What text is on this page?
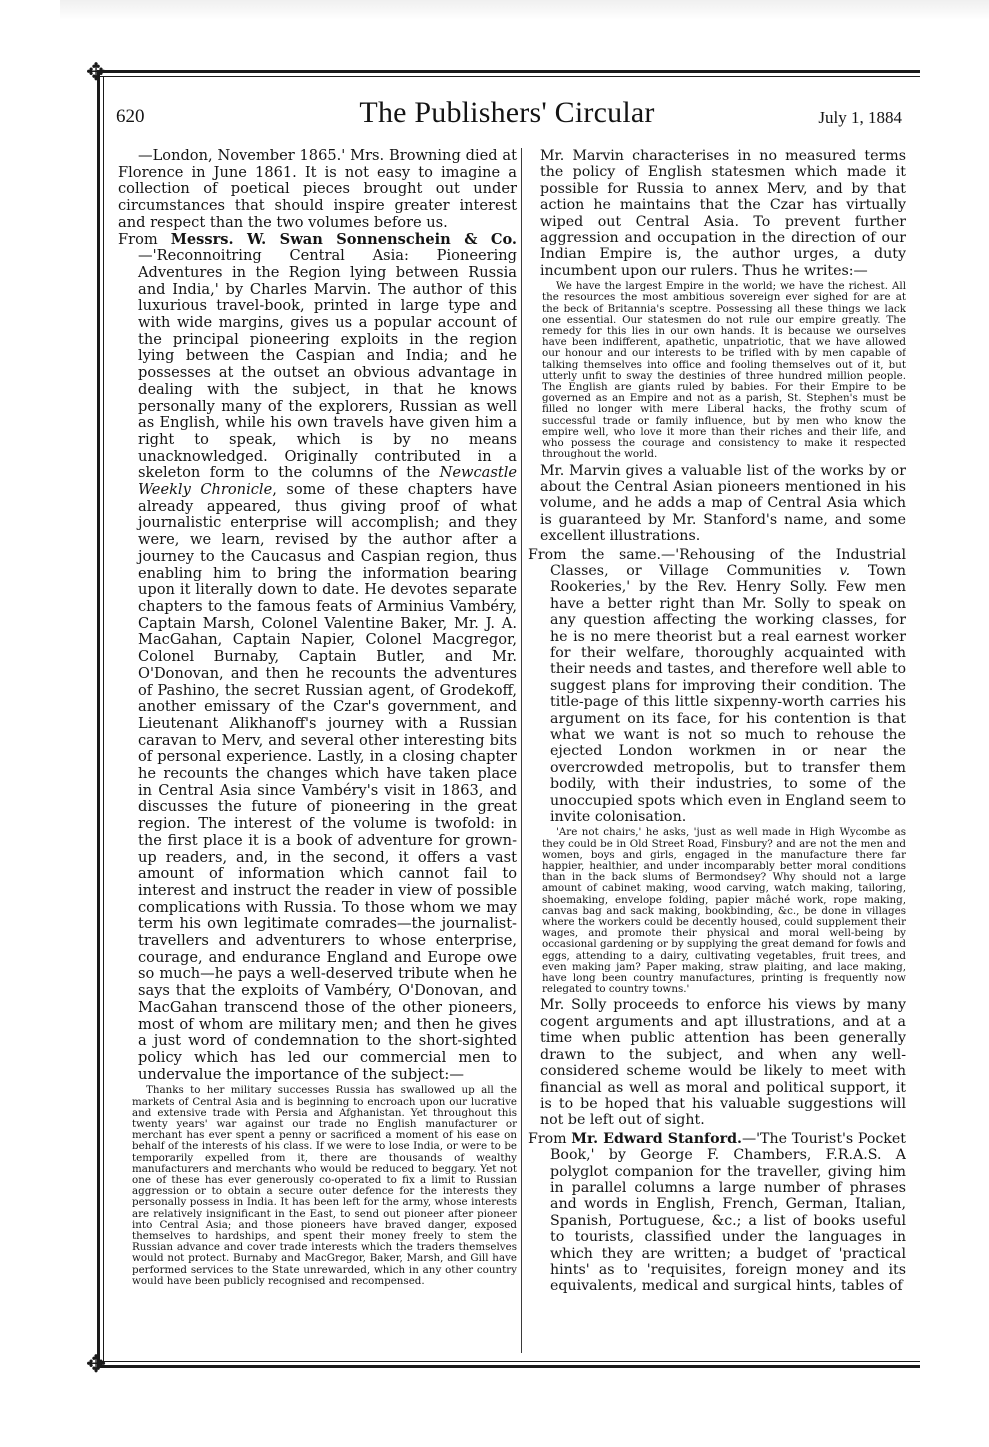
✥
✥
620	The Publishers' Circular	July 1, 1884

—London, November 1865.' Mrs. Browning died at Florence in June 1861. It is not easy to imagine a collection of poetical pieces brought out under circumstances that should inspire greater interest and respect than the two volumes before us.

From Messrs. W. Swan Sonnenschein & Co.—'Reconnoitring Central Asia: Pioneering Adventures in the Region lying between Russia and India,' by Charles Marvin. The author of this luxurious travel-book, printed in large type and with wide margins, gives us a popular account of the principal pioneering exploits in the region lying between the Caspian and India; and he possesses at the outset an obvious advantage in dealing with the subject, in that he knows personally many of the explorers, Russian as well as English, while his own travels have given him a right to speak, which is by no means unacknowledged. Originally contributed in a skeleton form to the columns of the Newcastle Weekly Chronicle, some of these chapters have already appeared, thus giving proof of what journalistic enterprise will accomplish; and they were, we learn, revised by the author after a journey to the Caucasus and Caspian region, thus enabling him to bring the information bearing upon it literally down to date. He devotes separate chapters to the famous feats of Arminius Vambéry, Captain Marsh, Colonel Valentine Baker, Mr. J. A. MacGahan, Captain Napier, Colonel Macgregor, Colonel Burnaby, Captain Butler, and Mr. O'Donovan, and then he recounts the adventures of Pashino, the secret Russian agent, of Grodekoff, another emissary of the Czar's government, and Lieutenant Alikhanoff's journey with a Russian caravan to Merv, and several other interesting bits of personal experience. Lastly, in a closing chapter he recounts the changes which have taken place in Central Asia since Vambéry's visit in 1863, and discusses the future of pioneering in the great region. The interest of the volume is twofold: in the first place it is a book of adventure for grown-up readers, and, in the second, it offers a vast amount of information which cannot fail to interest and instruct the reader in view of possible complications with Russia. To those whom we may term his own legitimate comrades—the journalist-travellers and adventurers to whose enterprise, courage, and endurance England and Europe owe so much—he pays a well-deserved tribute when he says that the exploits of Vambéry, O'Donovan, and MacGahan transcend those of the other pioneers, most of whom are military men; and then he gives a just word of condemnation to the short-sighted policy which has led our commercial men to undervalue the importance of the subject:—

Thanks to her military successes Russia has swallowed up all the markets of Central Asia and is beginning to encroach upon our lucrative and extensive trade with Persia and Afghanistan. Yet throughout this twenty years' war against our trade no English manufacturer or merchant has ever spent a penny or sacrificed a moment of his ease on behalf of the interests of his class. If we were to lose India, or were to be temporarily expelled from it, there are thousands of wealthy manufacturers and merchants who would be reduced to beggary. Yet not one of these has ever generously co-operated to fix a limit to Russian aggression or to obtain a secure outer defence for the interests they personally possess in India. It has been left for the army, whose interests are relatively insignificant in the East, to send out pioneer after pioneer into Central Asia; and those pioneers have braved danger, exposed themselves to hardships, and spent their money freely to stem the Russian advance and cover trade interests which the traders themselves would not protect. Burnaby and MacGregor, Baker, Marsh, and Gill have performed services to the State unrewarded, which in any other country would have been publicly recognised and recompensed.

Mr. Marvin characterises in no measured terms the policy of English statesmen which made it possible for Russia to annex Merv, and by that action he maintains that the Czar has virtually wiped out Central Asia. To prevent further aggression and occupation in the direction of our Indian Empire is, the author urges, a duty incumbent upon our rulers. Thus he writes:—

We have the largest Empire in the world; we have the richest. All the resources the most ambitious sovereign ever sighed for are at the beck of Britannia's sceptre. Possessing all these things we lack one essential. Our statesmen do not rule our empire greatly. The remedy for this lies in our own hands. It is because we ourselves have been indifferent, apathetic, unpatriotic, that we have allowed our honour and our interests to be trifled with by men capable of talking themselves into office and fooling themselves out of it, but utterly unfit to sway the destinies of three hundred million people. The English are giants ruled by babies. For their Empire to be governed as an Empire and not as a parish, St. Stephen's must be filled no longer with mere Liberal hacks, the frothy scum of successful trade or family influence, but by men who know the empire well, who love it more than their riches and their life, and who possess the courage and consistency to make it respected throughout the world.

Mr. Marvin gives a valuable list of the works by or about the Central Asian pioneers mentioned in his volume, and he adds a map of Central Asia which is guaranteed by Mr. Stanford's name, and some excellent illustrations.

From the same.—'Rehousing of the Industrial Classes, or Village Communities v. Town Rookeries,' by the Rev. Henry Solly. Few men have a better right than Mr. Solly to speak on any question affecting the working classes, for he is no mere theorist but a real earnest worker for their welfare, thoroughly acquainted with their needs and tastes, and therefore well able to suggest plans for improving their condition. The title-page of this little sixpenny-worth carries his argument on its face, for his contention is that what we want is not so much to rehouse the ejected London workmen in or near the overcrowded metropolis, but to transfer them bodily, with their industries, to some of the unoccupied spots which even in England seem to invite colonisation.

'Are not chairs,' he asks, 'just as well made in High Wycombe as they could be in Old Street Road, Finsbury? and are not the men and women, boys and girls, engaged in the manufacture there far happier, healthier, and under incomparably better moral conditions than in the back slums of Bermondsey? Why should not a large amount of cabinet making, wood carving, watch making, tailoring, shoemaking, envelope folding, papier mâché work, rope making, canvas bag and sack making, bookbinding, &c., be done in villages where the workers could be decently housed, could supplement their wages, and promote their physical and moral well-being by occasional gardening or by supplying the great demand for fowls and eggs, attending to a dairy, cultivating vegetables, fruit trees, and even making jam? Paper making, straw plaiting, and lace making, have long been country manufactures, printing is frequently now relegated to country towns.'

Mr. Solly proceeds to enforce his views by many cogent arguments and apt illustrations, and at a time when public attention has been generally drawn to the subject, and when any well-considered scheme would be likely to meet with financial as well as moral and political support, it is to be hoped that his valuable suggestions will not be left out of sight.

From Mr. Edward Stanford.—'The Tourist's Pocket Book,' by George F. Chambers, F.R.A.S. A polyglot companion for the traveller, giving him in parallel columns a large number of phrases and words in English, French, German, Italian, Spanish, Portuguese, &c.; a list of books useful to tourists, classified under the languages in which they are written; a budget of 'practical hints' as to 'requisites, foreign money and its equivalents, medical and surgical hints, tables of
